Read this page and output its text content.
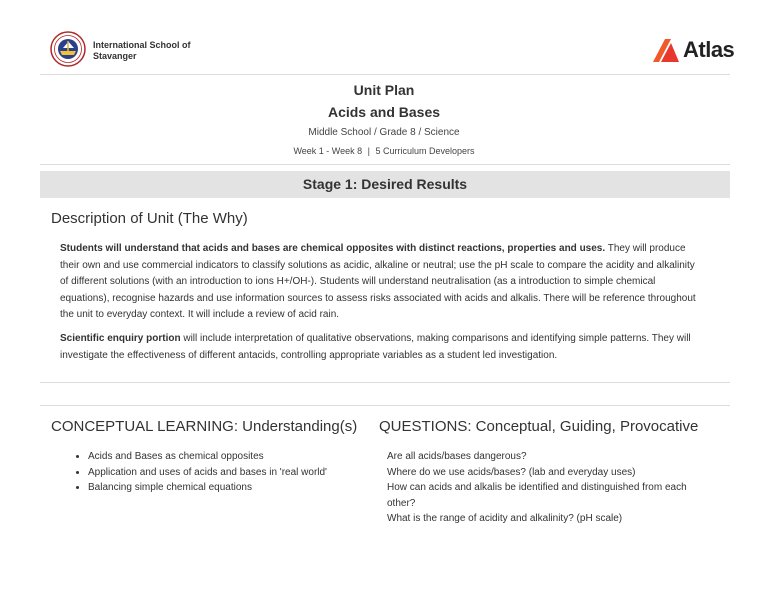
International School of Stavanger	Atlas
Unit Plan
Acids and Bases
Middle School / Grade 8 / Science
Week 1 - Week 8 | 5 Curriculum Developers
Stage 1: Desired Results
Description of Unit (The Why)
Students will understand that acids and bases are chemical opposites with distinct reactions, properties and uses. They will produce their own and use commercial indicators to classify solutions as acidic, alkaline or neutral; use the pH scale to compare the acidity and alkalinity of different solutions (with an introduction to ions H+/OH-). Students will understand neutralisation (as a introduction to simple chemical equations), recognise hazards and use information sources to assess risks associated with acids and alkalis. There will be reference throughout the unit to everyday context. It will include a review of acid rain.
Scientific enquiry portion will include interpretation of qualitative observations, making comparisons and identifying simple patterns. They will investigate the effectiveness of different antacids, controlling appropriate variables as a student led investigation.
CONCEPTUAL LEARNING: Understanding(s) QUESTIONS: Conceptual, Guiding, Provocative
• Acids and Bases as chemical opposites
• Application and uses of acids and bases in 'real world'
• Balancing simple chemical equations
Are all acids/bases dangerous?
Where do we use acids/bases? (lab and everyday uses)
How can acids and alkalis be identified and distinguished from each other?
What is the range of acidity and alkalinity? (pH scale)
